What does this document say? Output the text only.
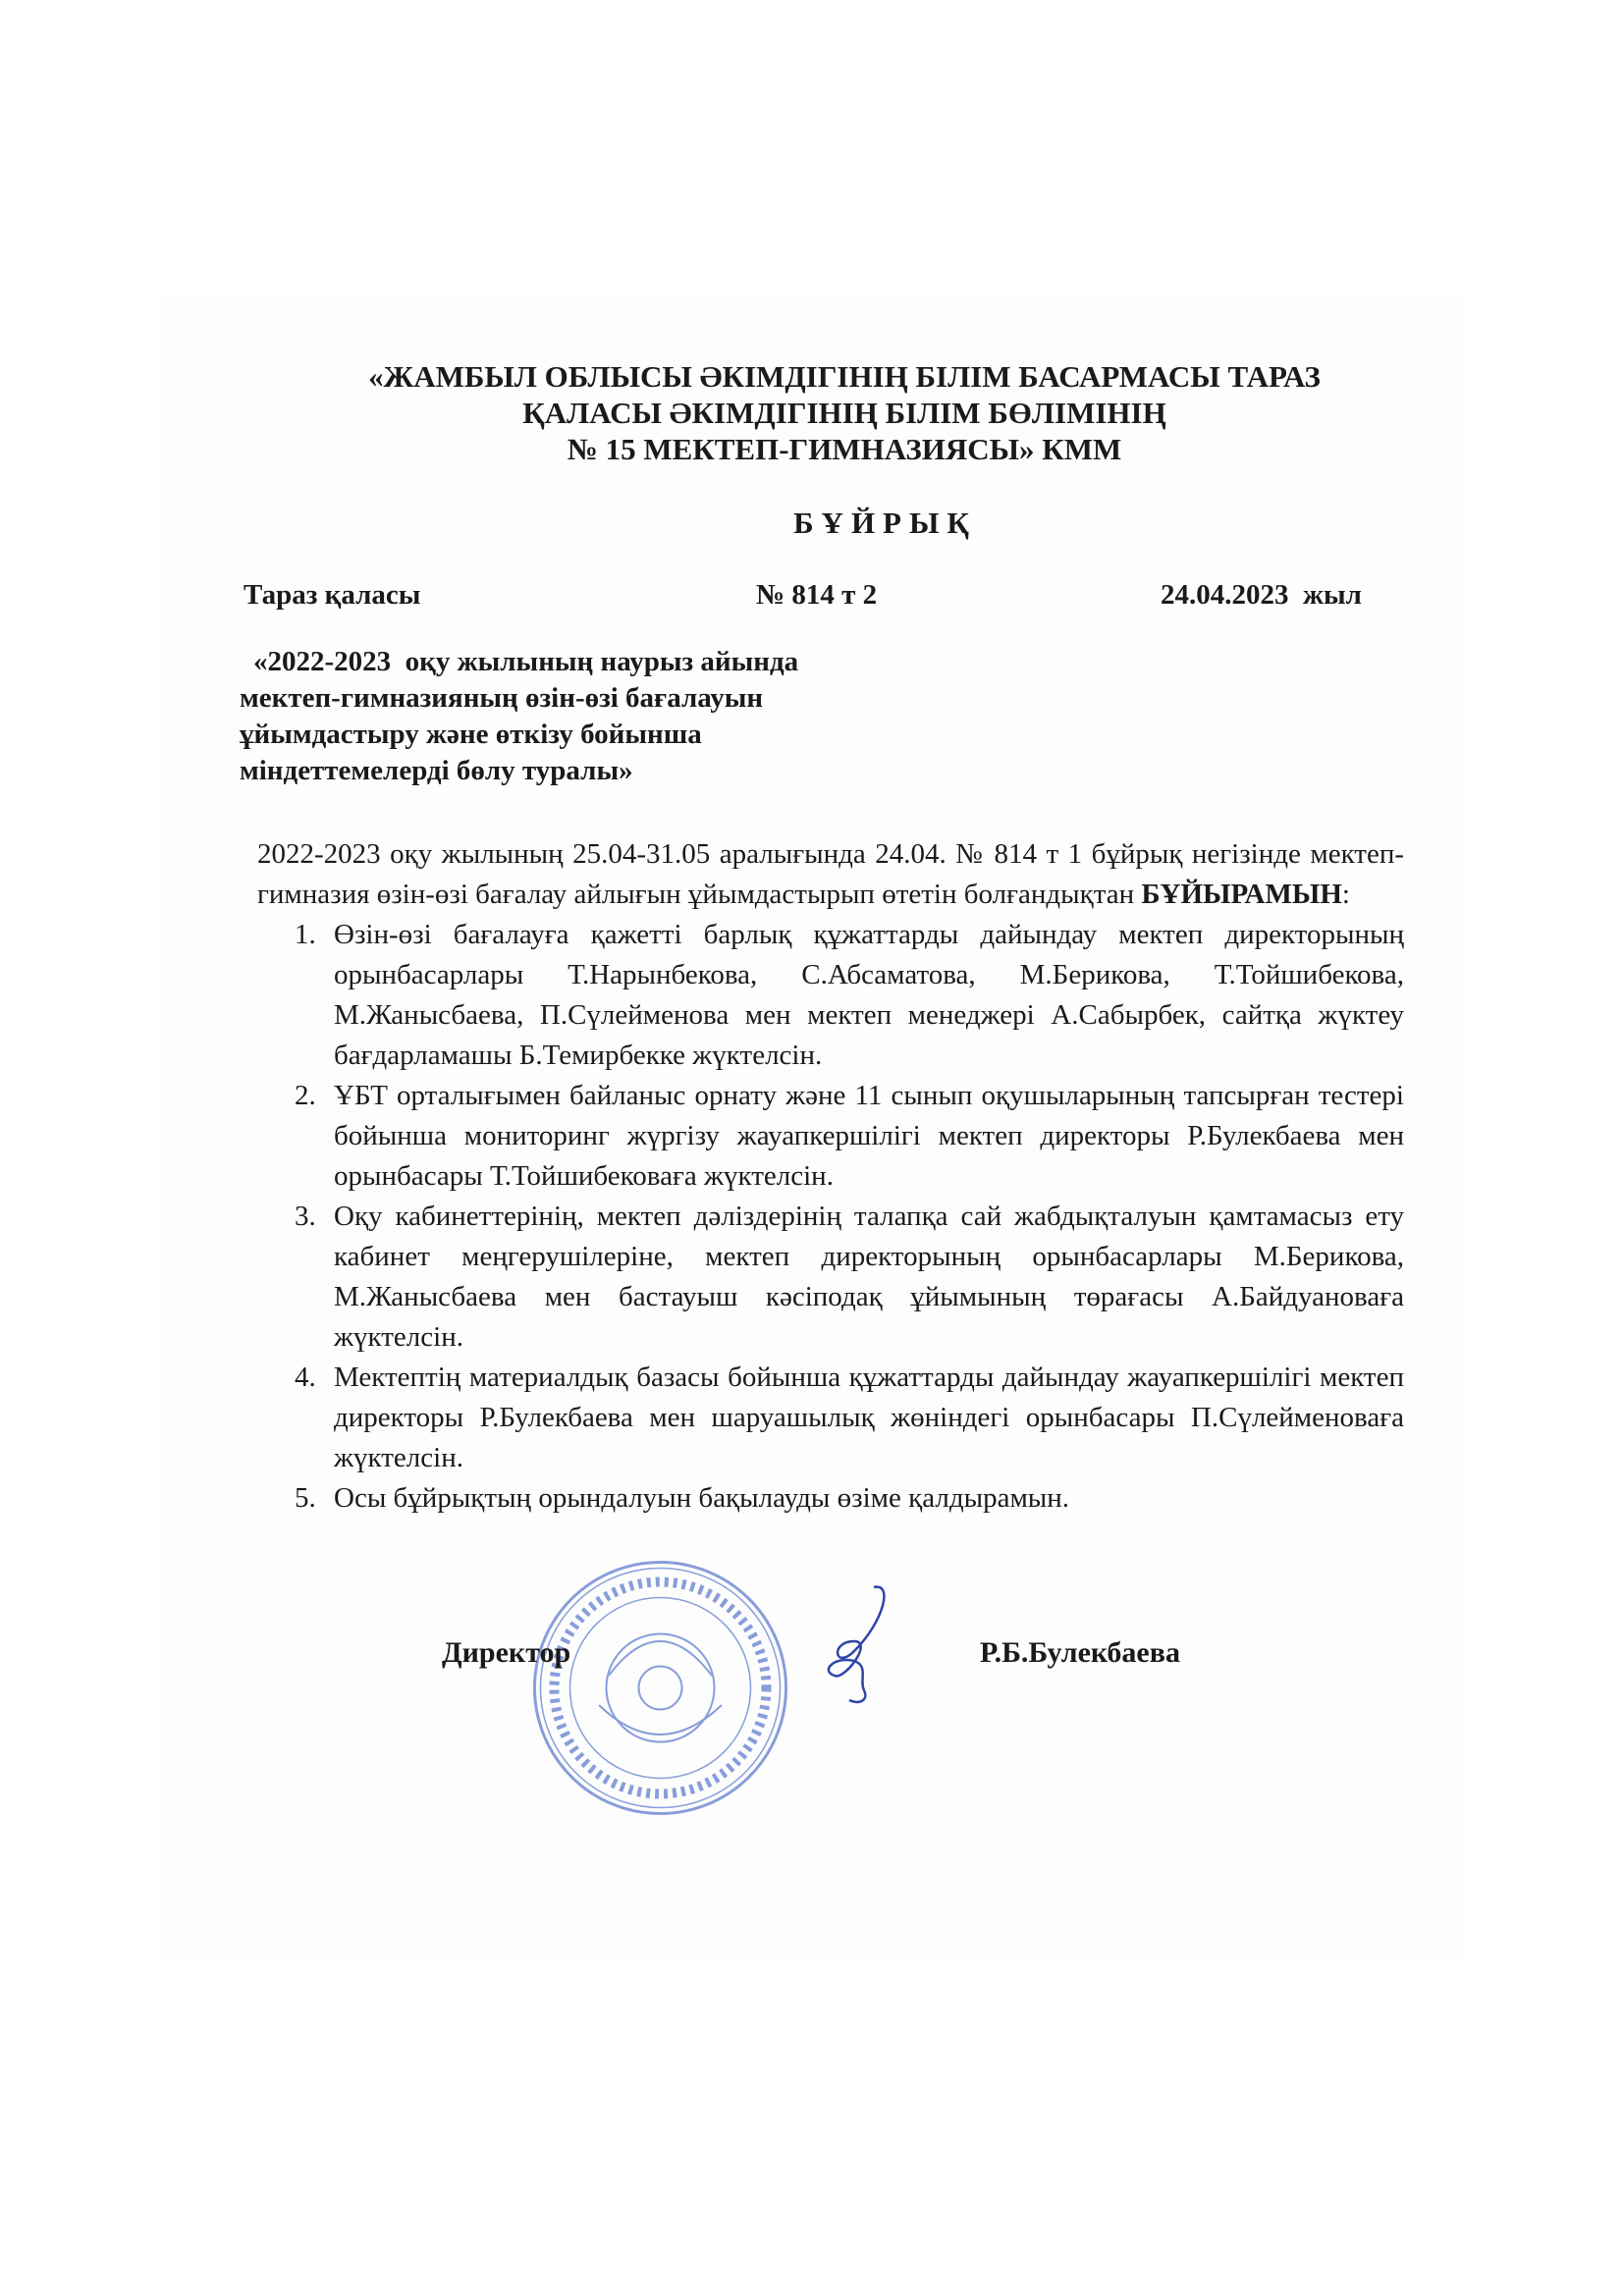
«ЖАМБЫЛ ОБЛЫСЫ ӘКІМДІГІНІҢ БІЛІМ БАСАРМАСЫ ТАРАЗ
ҚАЛАСЫ ӘКІМДІГІНІҢ БІЛІМ БӨЛІМІНІҢ
№ 15 МЕКТЕП-ГИМНАЗИЯСЫ» КММ
БҰЙРЫҚ
Тараз қаласы	№ 814 т 2	24.04.2023  жыл
«2022-2023  оқу жылының наурыз айында
мектеп-гимназияның өзін-өзі бағалауын
ұйымдастыру және өткізу бойынша
міндеттемелерді бөлу туралы»

2022-2023 оқу жылының 25.04-31.05 аралығында 24.04. № 814 т 1 бұйрық негізінде мектеп-гимназия өзін-өзі бағалау айлығын ұйымдастырып өтетін болғандықтан БҰЙЫРАМЫН:

1. Өзін-өзі бағалауға қажетті барлық құжаттарды дайындау мектеп директорының орынбасарлары Т.Нарынбекова, С.Абсаматова, М.Берикова, Т.Тойшибекова, М.Жанысбаева, П.Сүлейменова мен мектеп менеджері А.Сабырбек, сайтқа жүктеу бағдарламашы Б.Темирбекке жүктелсін.
2. ҰБТ орталығымен байланыс орнату және 11 сынып оқушыларының тапсырған тестері бойынша мониторинг жүргізу жауапкершілігі мектеп директоры Р.Булекбаева мен орынбасары Т.Тойшибековаға жүктелсін.
3. Оқу кабинеттерінің, мектеп дәліздерінің талапқа сай жабдықталуын қамтамасыз ету кабинет меңгерушілеріне, мектеп директорының орынбасарлары М.Берикова, М.Жанысбаева мен бастауыш кәсіподақ ұйымының төрағасы А.Байдуановаға жүктелсін.
4. Мектептің материалдық базасы бойынша құжаттарды дайындау жауапкершілігі мектеп директоры Р.Булекбаева мен шаруашылық жөніндегі орынбасары П.Сүлейменоваға жүктелсін.
5. Осы бұйрықтың орындалуын бақылауды өзіме қалдырамын.
Директор	Р.Б.Булекбаева
